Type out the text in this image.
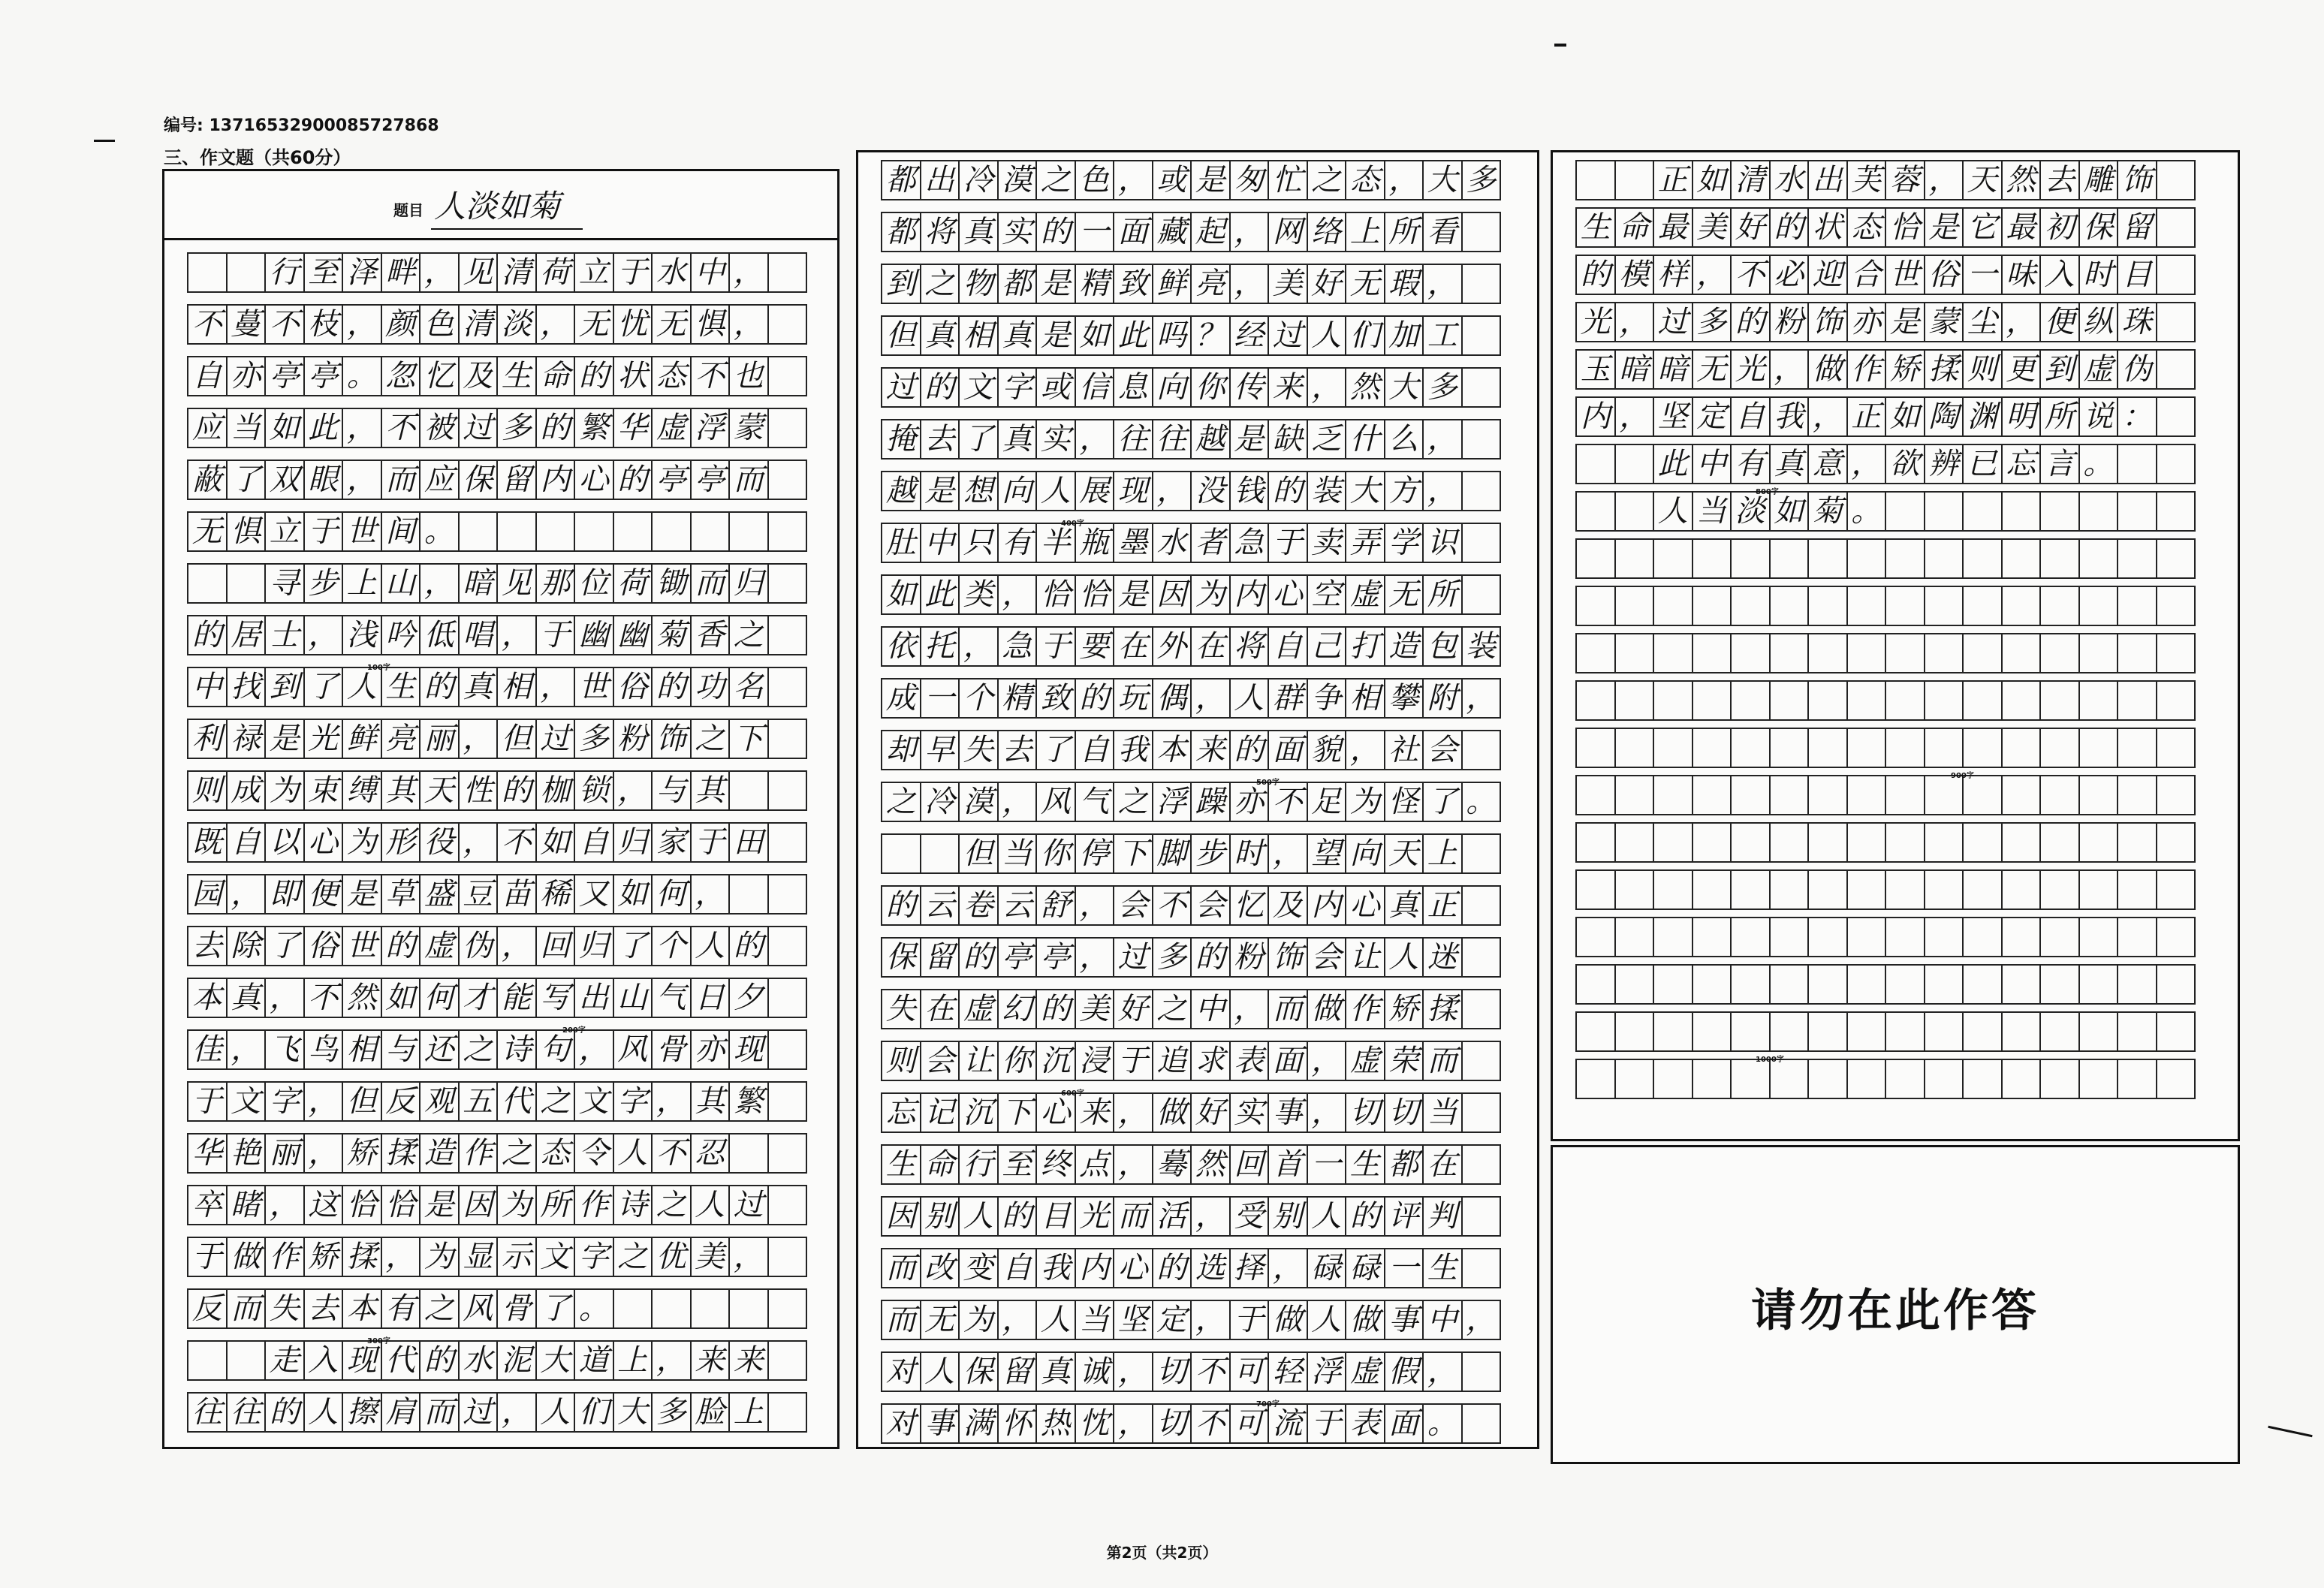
编号: 13716532900085727868
三、作文题（共60分）
题目 人淡如菊
行 至 泽 畔 ， 见 清 荷 立 于 水 中 ，
不 蔓 不 枝 ， 颜 色 清 淡 ， 无 忧 无 惧 ，
自 亦 亭 亭 。 忽 忆 及 生 命 的 状 态 不 也
应 当 如 此 ， 不 被 过 多 的 繁 华 虚 浮 蒙
蔽 了 双 眼 ， 而 应 保 留 内 心 的 亭 亭 而
无 惧 立 于 世 间 。
寻 步 上 山 ， 暗 见 那 位 荷 锄 而 归
的 居 士 ， 浅 吟 低 唱 ， 于 幽 幽 菊 香 之
中 找 到 了 人 生 的 真 相 ， 世 俗 的 功 名
利 禄 是 光 鲜 亮 丽 ， 但 过 多 粉 饰 之 下
则 成 为 束 缚 其 天 性 的 枷 锁 ， 与 其
既 自 以 心 为 形 役 ， 不 如 自 归 家 于 田
园 ， 即 便 是 草 盛 豆 苗 稀 又 如 何 ，
去 除 了 俗 世 的 虚 伪 ， 回 归 了 个 人 的
本 真 ， 不 然 如 何 才 能 写 出 山 气 日 夕
佳 ， 飞 鸟 相 与 还 之 诗 句 ， 风 骨 亦 现
于 文 字 ， 但 反 观 五 代 之 文 字 ， 其 繁
华 艳 丽 ， 矫 揉 造 作 之 态 令 人 不 忍
卒 睹 ， 这 恰 恰 是 因 为 所 作 诗 之 人 过
于 做 作 矫 揉 ， 为 显 示 文 字 之 优 美 ，
反 而 失 去 本 有 之 风 骨 了 。
走 入 现 代 的 水 泥 大 道 上 ， 来 来
往 往 的 人 擦 肩 而 过 ， 人 们 大 多 脸 上
100字
200字
300字
都 出 冷 漠 之 色 ， 或 是 匆 忙 之 态 ， 大 多
都 将 真 实 的 一 面 藏 起 ， 网 络 上 所 看
到 之 物 都 是 精 致 鲜 亮 ， 美 好 无 瑕 ，
但 真 相 真 是 如 此 吗 ？ 经 过 人 们 加 工
过 的 文 字 或 信 息 向 你 传 来 ， 然 大 多
掩 去 了 真 实 ， 往 往 越 是 缺 乏 什 么 ，
越 是 想 向 人 展 现 ， 没 钱 的 装 大 方 ，
肚 中 只 有 半 瓶 墨 水 者 急 于 卖 弄 学 识
如 此 类 ， 恰 恰 是 因 为 内 心 空 虚 无 所
依 托 ， 急 于 要 在 外 在 将 自 己 打 造 包 装
成 一 个 精 致 的 玩 偶 ， 人 群 争 相 攀 附 ，
却 早 失 去 了 自 我 本 来 的 面 貌 ， 社 会
之 冷 漠 ， 风 气 之 浮 躁 亦 不 足 为 怪 了 。
但 当 你 停 下 脚 步 时 ， 望 向 天 上
的 云 卷 云 舒 ， 会 不 会 忆 及 内 心 真 正
保 留 的 亭 亭 ， 过 多 的 粉 饰 会 让 人 迷
失 在 虚 幻 的 美 好 之 中 ， 而 做 作 矫 揉
则 会 让 你 沉 浸 于 追 求 表 面 ， 虚 荣 而
忘 记 沉 下 心 来 ， 做 好 实 事 ， 切 切 当
生 命 行 至 终 点 ， 蓦 然 回 首 一 生 都 在
因 别 人 的 目 光 而 活 ， 受 别 人 的 评 判
而 改 变 自 我 内 心 的 选 择 ， 碌 碌 一 生
而 无 为 ， 人 当 坚 定 ， 于 做 人 做 事 中 ，
对 人 保 留 真 诚 ， 切 不 可 轻 浮 虚 假 ，
对 事 满 怀 热 忱 ， 切 不 可 流 于 表 面 。
400字
500字
600字
700字
正 如 清 水 出 芙 蓉 ， 天 然 去 雕 饰
生 命 最 美 好 的 状 态 恰 是 它 最 初 保 留
的 模 样 ， 不 必 迎 合 世 俗 一 味 入 时 目
光 ， 过 多 的 粉 饰 亦 是 蒙 尘 ， 便 纵 珠
玉 暗 暗 无 光 ， 做 作 矫 揉 则 更 到 虚 伪
内 ， 坚 定 自 我 ， 正 如 陶 渊 明 所 说 ：
此 中 有 真 意 ， 欲 辨 已 忘 言 。
人 当 淡 如 菊 。
800字
900字
1000字
请勿在此作答
第2页（共2页）
